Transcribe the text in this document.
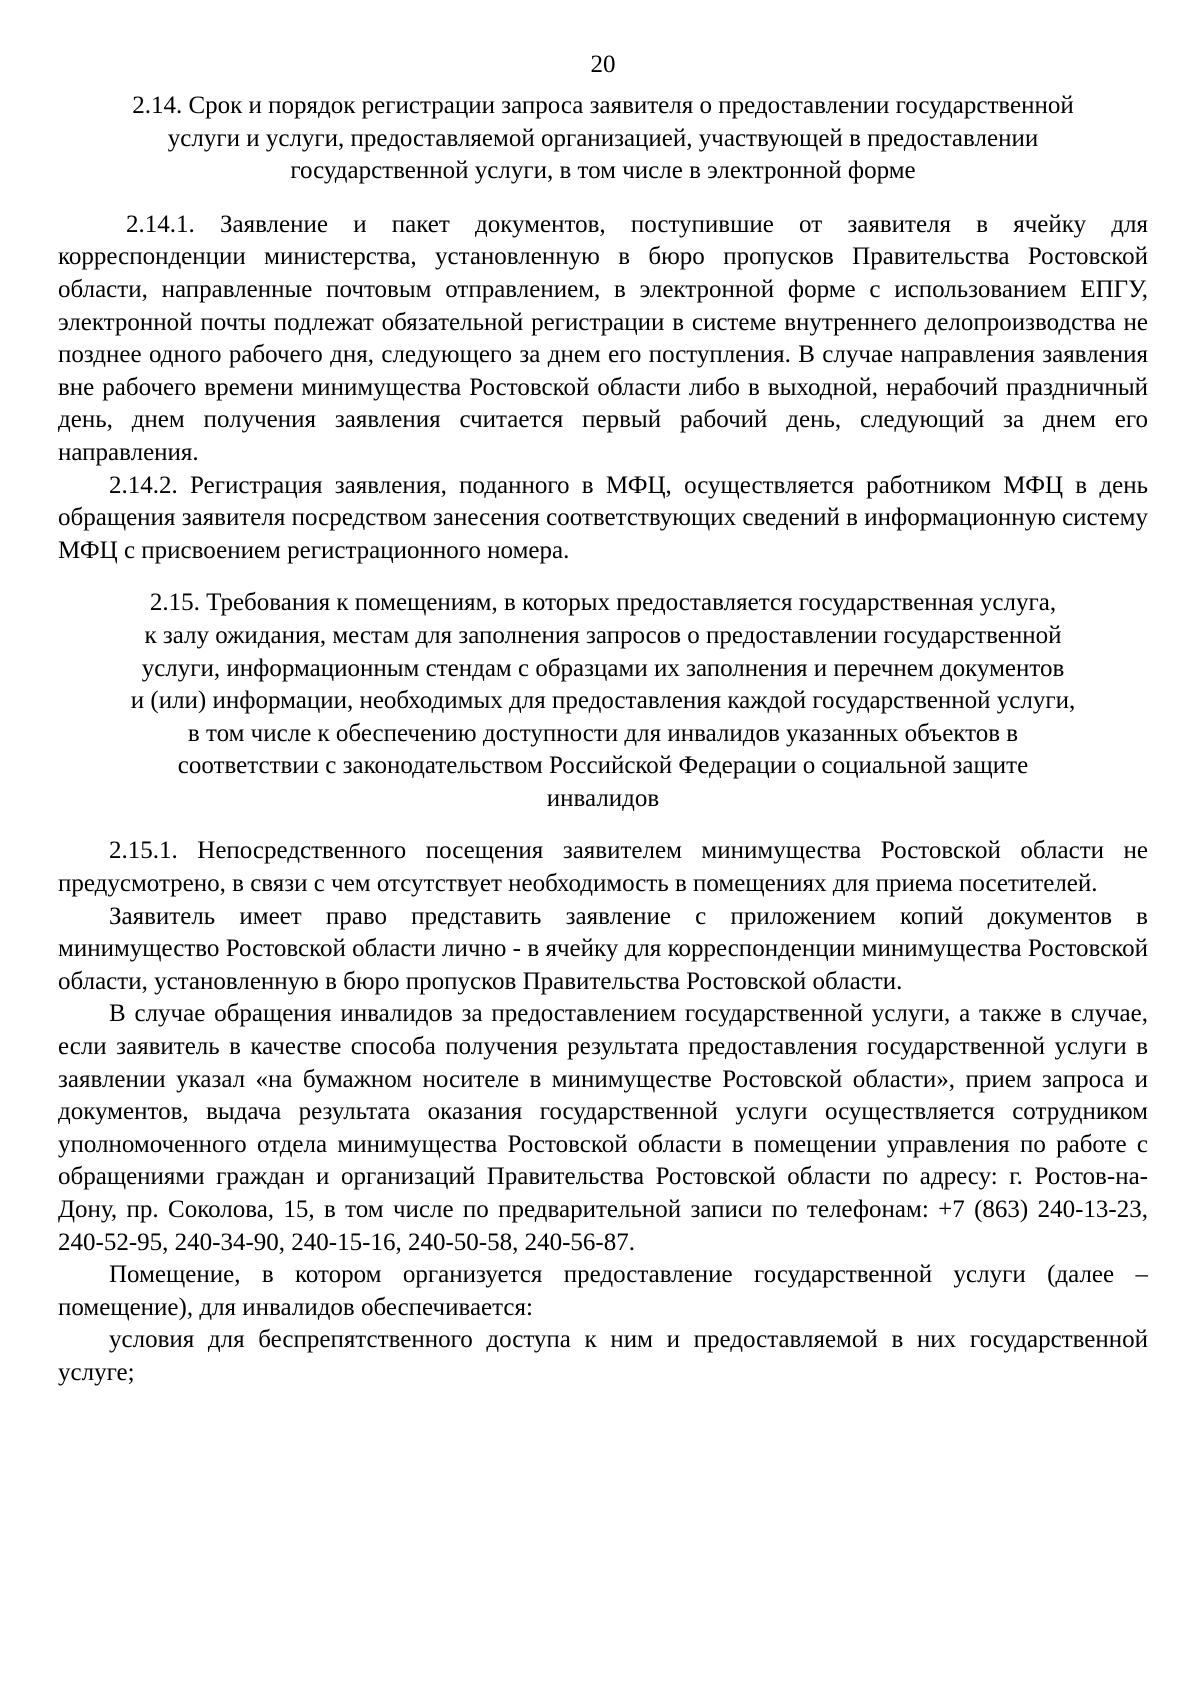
20
2.14. Срок и порядок регистрации запроса заявителя о предоставлении государственной
услуги и услуги, предоставляемой организацией, участвующей в предоставлении
государственной услуги, в том числе в электронной форме

2.14.1. Заявление и пакет документов, поступившие от заявителя в ячейку для корреспонденции министерства, установленную в бюро пропусков Правительства Ростовской области, направленные почтовым отправлением, в электронной форме с использованием ЕПГУ, электронной почты подлежат обязательной регистрации в системе внутреннего делопроизводства не позднее одного рабочего дня, следующего за днем его поступления. В случае направления заявления вне рабочего времени минимущества Ростовской области либо в выходной, нерабочий праздничный день, днем получения заявления считается первый рабочий день, следующий за днем его направления.

2.14.2. Регистрация заявления, поданного в МФЦ, осуществляется работником МФЦ в день обращения заявителя посредством занесения соответствующих сведений в информационную систему МФЦ с присвоением регистрационного номера.

2.15. Требования к помещениям, в которых предоставляется государственная услуга,
к залу ожидания, местам для заполнения запросов о предоставлении государственной
услуги, информационным стендам с образцами их заполнения и перечнем документов
и (или) информации, необходимых для предоставления каждой государственной услуги,
в том числе к обеспечению доступности для инвалидов указанных объектов в
соответствии с законодательством Российской Федерации о социальной защите
инвалидов

2.15.1. Непосредственного посещения заявителем минимущества Ростовской области не предусмотрено, в связи с чем отсутствует необходимость в помещениях для приема посетителей.

Заявитель имеет право представить заявление с приложением копий документов в минимущество Ростовской области лично - в ячейку для корреспонденции минимущества Ростовской области, установленную в бюро пропусков Правительства Ростовской области.

В случае обращения инвалидов за предоставлением государственной услуги, а также в случае, если заявитель в качестве способа получения результата предоставления государственной услуги в заявлении указал «на бумажном носителе в минимуществе Ростовской области», прием запроса и документов, выдача результата оказания государственной услуги осуществляется сотрудником уполномоченного отдела минимущества Ростовской области в помещении управления по работе с обращениями граждан и организаций Правительства Ростовской области по адресу: г. Ростов-на-Дону, пр. Соколова, 15, в том числе по предварительной записи по телефонам: +7 (863) 240-13-23, 240-52-95, 240-34-90, 240-15-16, 240-50-58, 240-56-87.

Помещение, в котором организуется предоставление государственной услуги (далее – помещение), для инвалидов обеспечивается:

условия для беспрепятственного доступа к ним и предоставляемой в них государственной услуге;
